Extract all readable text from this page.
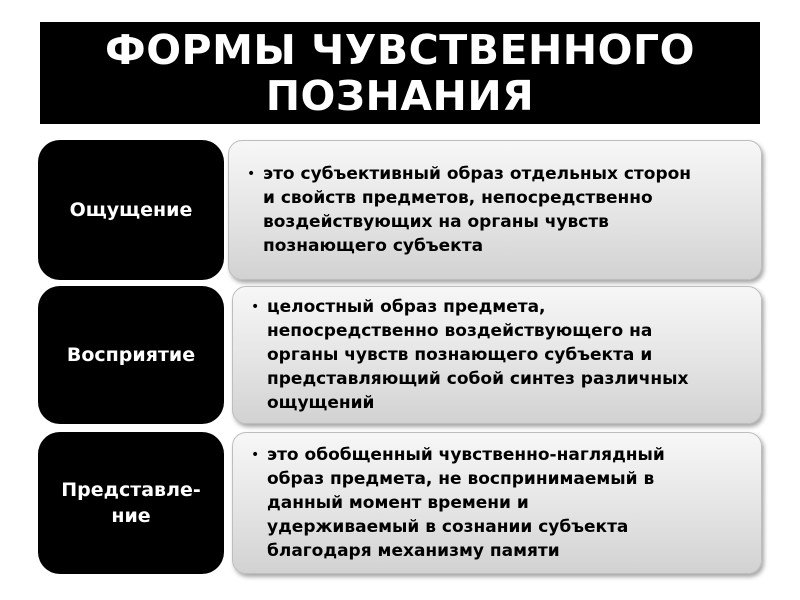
ФОРМЫ ЧУВСТВЕННОГО
ПОЗНАНИЯ
Ощущение
• это субъективный образ отдельных сторон
и свойств предметов, непосредственно
воздействующих на органы чувств
познающего субъекта
Восприятие
• целостный образ предмета,
непосредственно воздействующего на
органы чувств познающего субъекта и
представляющий собой синтез различных
ощущений
Представле-
ние
• это обобщенный чувственно-наглядный
образ предмета, не воспринимаемый в
данный момент времени и
удерживаемый в сознании субъекта
благодаря механизму памяти
